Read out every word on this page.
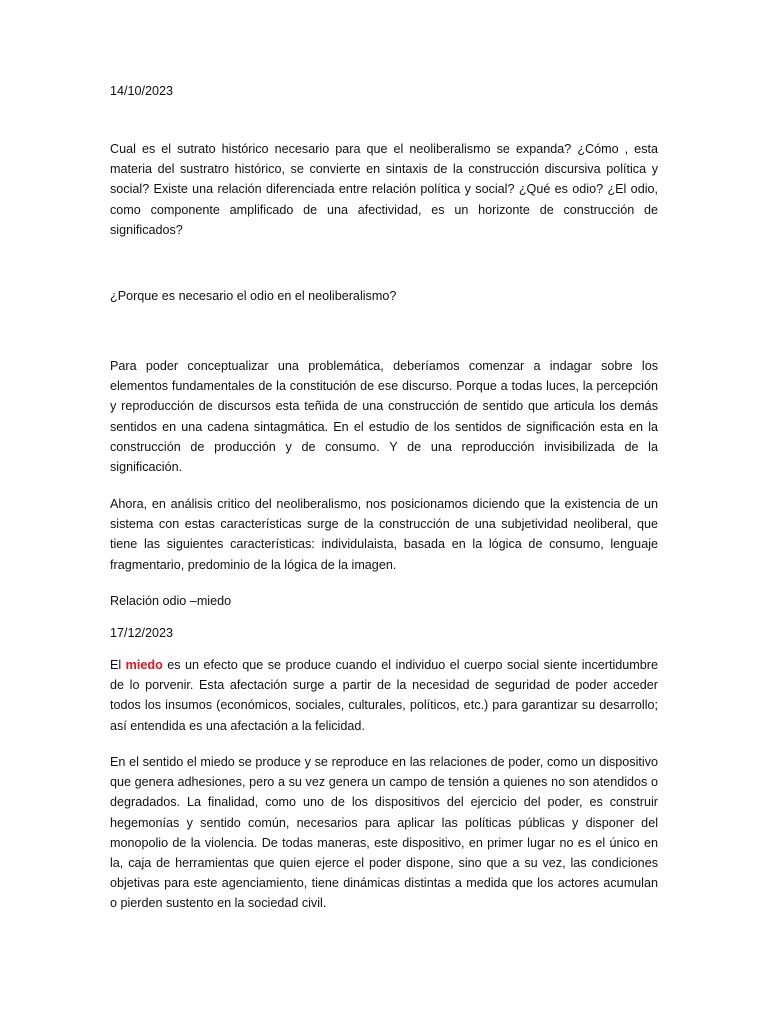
14/10/2023

Cual es el sutrato histórico necesario para que el neoliberalismo se expanda? ¿Cómo , esta materia del sustratro histórico, se convierte en sintaxis de la construcción discursiva política y social? Existe una relación diferenciada entre relación política y social? ¿Qué es odio? ¿El odio, como componente amplificado de una afectividad, es un horizonte de construcción de significados?

¿Porque es necesario el odio en el neoliberalismo?

Para poder conceptualizar una problemática, deberíamos comenzar a indagar sobre los elementos fundamentales de la constitución de ese discurso. Porque a todas luces, la percepción y reproducción de discursos esta teñida de una construcción de sentido que articula los demás sentidos en una cadena sintagmática. En el estudio de los sentidos de significación esta en la construcción de producción y de consumo. Y de una reproducción invisibilizada de la significación.

Ahora, en análisis critico del neoliberalismo, nos posicionamos diciendo que la existencia de un sistema con estas características surge de la construcción de una subjetividad neoliberal, que tiene las siguientes características: individulaista, basada en la lógica de consumo, lenguaje fragmentario, predominio de la lógica de la imagen.

Relación odio –miedo

17/12/2023

El miedo es un efecto que se produce cuando el individuo el cuerpo social siente incertidumbre de lo porvenir. Esta afectación surge a partir de la necesidad de seguridad de poder acceder todos los insumos (económicos, sociales, culturales, políticos, etc.) para garantizar su desarrollo; así entendida es una afectación a la felicidad.

En el sentido el miedo se produce y se reproduce en las relaciones de poder, como un dispositivo que genera adhesiones, pero a su vez genera un campo de tensión a quienes no son atendidos o degradados. La finalidad, como uno de los dispositivos del ejercicio del poder, es construir hegemonías y sentido común, necesarios para aplicar las políticas públicas y disponer del monopolio de la violencia. De todas maneras, este dispositivo, en primer lugar no es el único en la, caja de herramientas que quien ejerce el poder dispone, sino que a su vez, las condiciones objetivas para este agenciamiento, tiene dinámicas distintas a medida que los actores acumulan o pierden sustento en la sociedad civil.
